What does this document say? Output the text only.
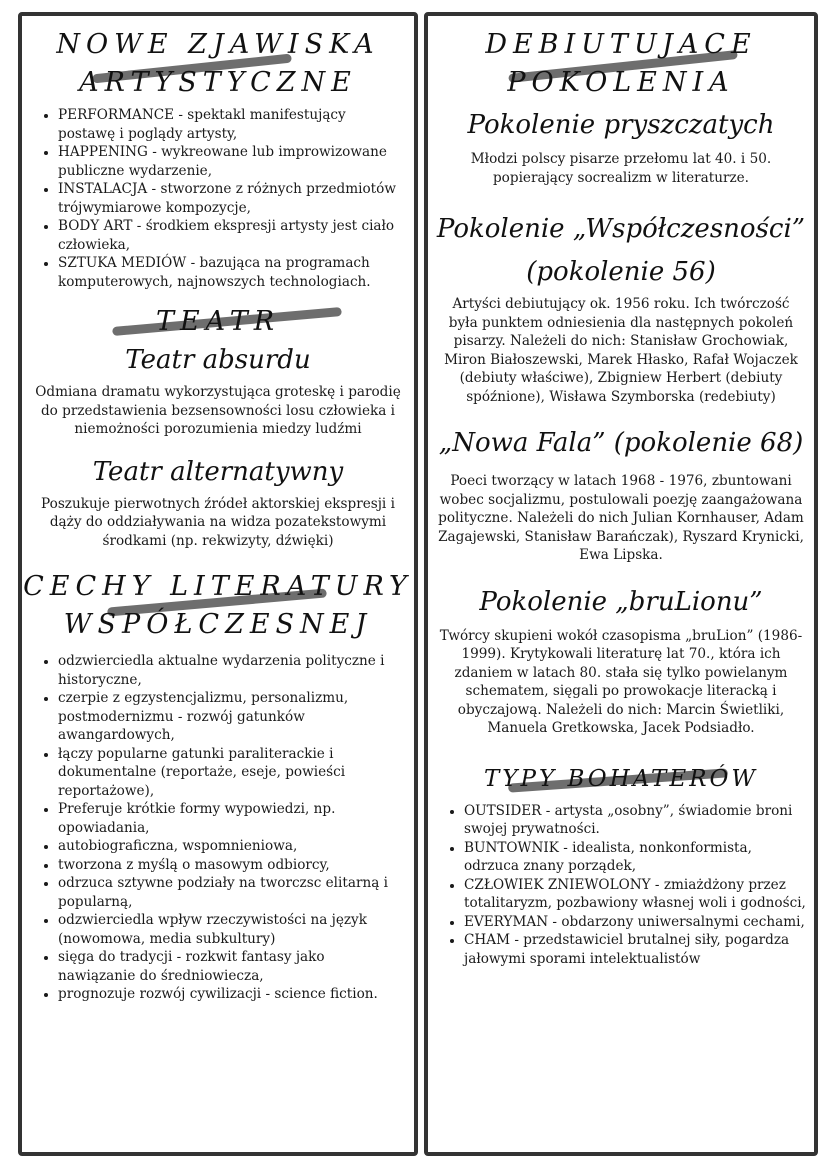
NOWE ZJAWISKA
ARTYSTYCZNE
• PERFORMANCE - spektakl manifestujący postawę i poglądy artysty,
• HAPPENING - wykreowane lub improwizowane publiczne wydarzenie,
• INSTALACJA - stworzone z różnych przedmiotów trójwymiarowe kompozycje,
• BODY ART - środkiem ekspresji artysty jest ciało człowieka,
• SZTUKA MEDIÓW - bazująca na programach komputerowych, najnowszych technologiach.
TEATR

Teatr absurdu

Odmiana dramatu wykorzystująca groteskę i parodię do przedstawienia bezsensowności losu człowieka i niemożności porozumienia miedzy ludźmi

Teatr alternatywny

Poszukuje pierwotnych źródeł aktorskiej ekspresji i dąży do oddziaływania na widza pozatekstowymi środkami (np. rekwizyty, dźwięki)

CECHY LITERATURY
WSPÓŁCZESNEJ
• odzwierciedla aktualne wydarzenia polityczne i historyczne,
• czerpie z egzystencjalizmu, personalizmu, postmodernizmu - rozwój gatunków awangardowych,
• łączy popularne gatunki paraliterackie i dokumentalne (reportaże, eseje, powieści reportażowe),
• Preferuje krótkie formy wypowiedzi, np. opowiadania,
• autobiograficzna, wspomnieniowa,
• tworzona z myślą o masowym odbiorcy,
• odrzuca sztywne podziały na tworczsc elitarną i popularną,
• odzwierciedla wpływ rzeczywistości na język (nowomowa, media subkultury)
• sięga do tradycji - rozkwit fantasy jako nawiązanie do średniowiecza,
• prognozuje rozwój cywilizacji - science fiction.
DEBIUTUJACE
POKOLENIA

Pokolenie pryszczatych

Młodzi polscy pisarze przełomu lat 40. i 50. popierający socrealizm w literaturze.

Pokolenie „Współczesności”

(pokolenie 56)

Artyści debiutujący ok. 1956 roku. Ich twórczość była punktem odniesienia dla następnych pokoleń pisarzy. Należeli do nich: Stanisław Grochowiak, Miron Białoszewski, Marek Hłasko, Rafał Wojaczek (debiuty właściwe), Zbigniew Herbert (debiuty spóźnione), Wisława Szymborska (redebiuty)

„Nowa Fala” (pokolenie 68)

Poeci tworzący w latach 1968 - 1976, zbuntowani wobec socjalizmu, postulowali poezję zaangażowana polityczne. Należeli do nich Julian Kornhauser, Adam Zagajewski, Stanisław Barańczak), Ryszard Krynicki, Ewa Lipska.

Pokolenie „bruLionu”

Twórcy skupieni wokół czasopisma „bruLion” (1986-1999). Krytykowali literaturę lat 70., która ich zdaniem w latach 80. stała się tylko powielanym schematem, sięgali po prowokacje literacką i obyczajową. Należeli do nich: Marcin Świetliki, Manuela Gretkowska, Jacek Podsiadło.

TYPY BOHATERÓW
• OUTSIDER - artysta „osobny”, świadomie broni swojej prywatności.
• BUNTOWNIK - idealista, nonkonformista, odrzuca znany porządek,
• CZŁOWIEK ZNIEWOLONY - zmiażdżony przez totalitaryzm, pozbawiony własnej woli i godności,
• EVERYMAN - obdarzony uniwersalnymi cechami,
• CHAM - przedstawiciel brutalnej siły, pogardza jałowymi sporami intelektualistów
